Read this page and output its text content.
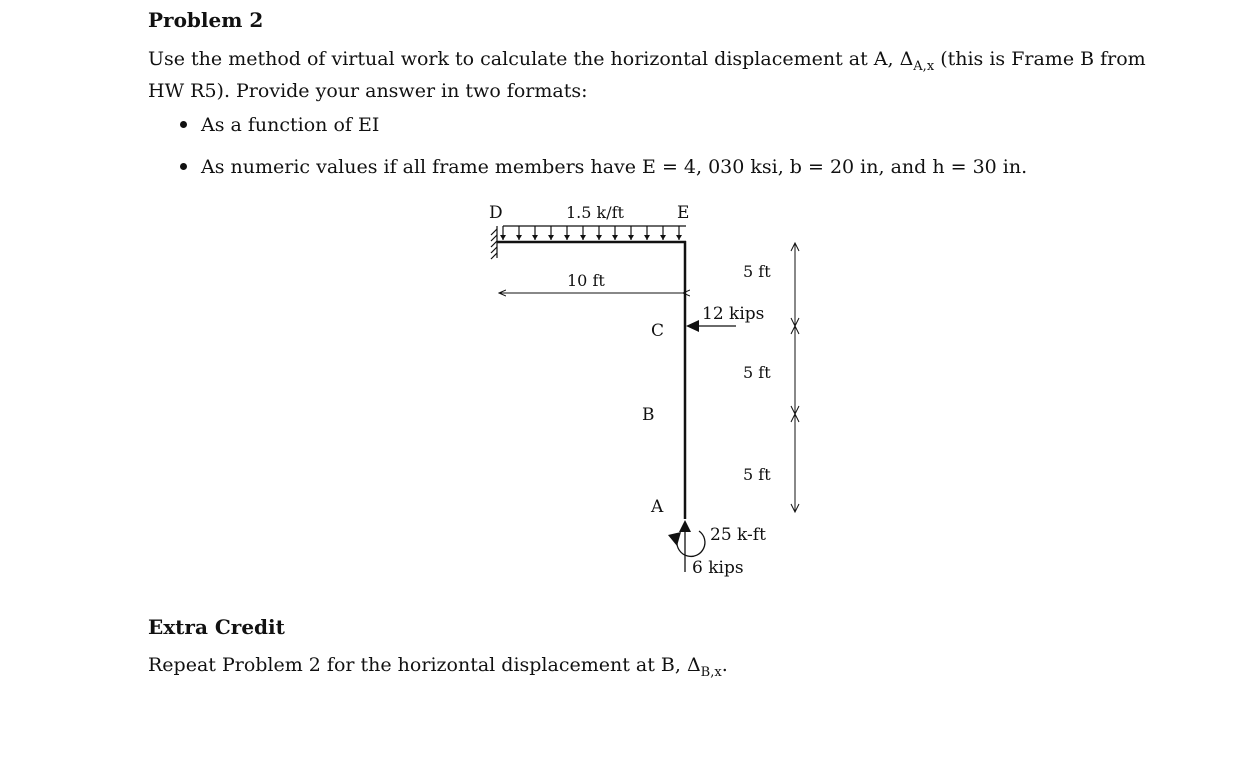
Problem 2
Use the method of virtual work to calculate the horizontal displacement at A, $\Delta_{A,x}$ (this is Frame B from HW R5). Provide your answer in two formats:
As a function of EI
As numeric values if all frame members have E = 4, 030 ksi, b = 20 in, and h = 30 in.
D	E
C
B
A
1.5 k/ft
10 ft
12 kips
5 ft
5 ft
5 ft
25 k-ft
6 kips
Extra Credit
Repeat Problem 2 for the horizontal displacement at B, $\Delta_{B,x}$.
